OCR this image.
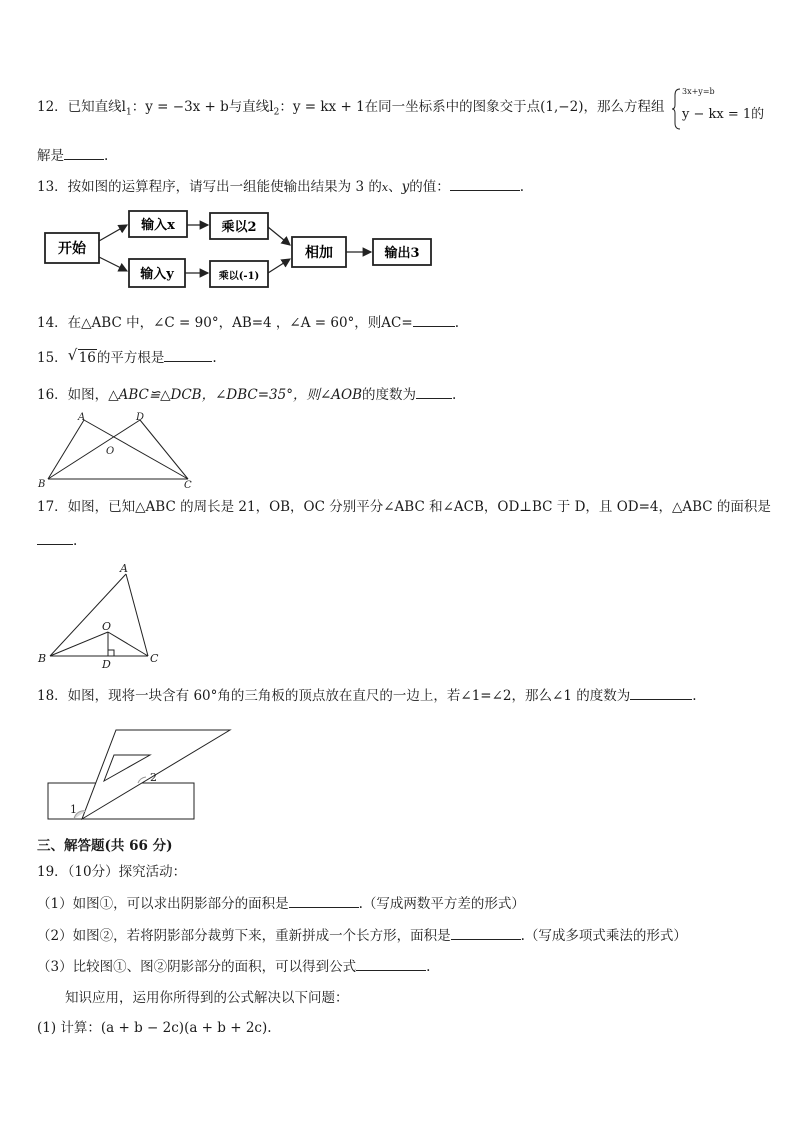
12．已知直线$l_1$：y = −3x + b与直线$l_2$：y = kx + 1在同一坐标系中的图象交于点(1,−2)，那么方程组
3x+y=b
y − kx = 1的
解是	.
13．按如图的运算程序，请写出一组能使输出结果为 3 的x、y的值：	.
开始
输入x	乘以2
输入y	乘以(-1)
相加	输出3
14．在△ABC 中，∠C = 90°，AB=4 ，∠A = 60°，则AC=	.
15． √ 16的平方根是	.
16．如图，△ABC≌△DCB，∠DBC=35°，则∠AOB的度数为	.
A	D
O
B	C
17．如图，已知△ABC 的周长是 21，OB，OC 分别平分∠ABC 和∠ACB，OD⊥BC 于 D，且 OD=4，△ABC 的面积是
.
A
O
B	D	C
18．如图，现将一块含有 60°角的三角板的顶点放在直尺的一边上，若∠1=∠2，那么∠1 的度数为	.
1
2
三、解答题(共 66 分)
19．（10分）探究活动：
（1）如图①，可以求出阴影部分的面积是	.（写成两数平方差的形式）
（2）如图②，若将阴影部分裁剪下来，重新拼成一个长方形，面积是	.（写成多项式乘法的形式）
（3）比较图①、图②阴影部分的面积，可以得到公式	.
知识应用，运用你所得到的公式解决以下问题：
(1) 计算：(a + b − 2c)(a + b + 2c).
